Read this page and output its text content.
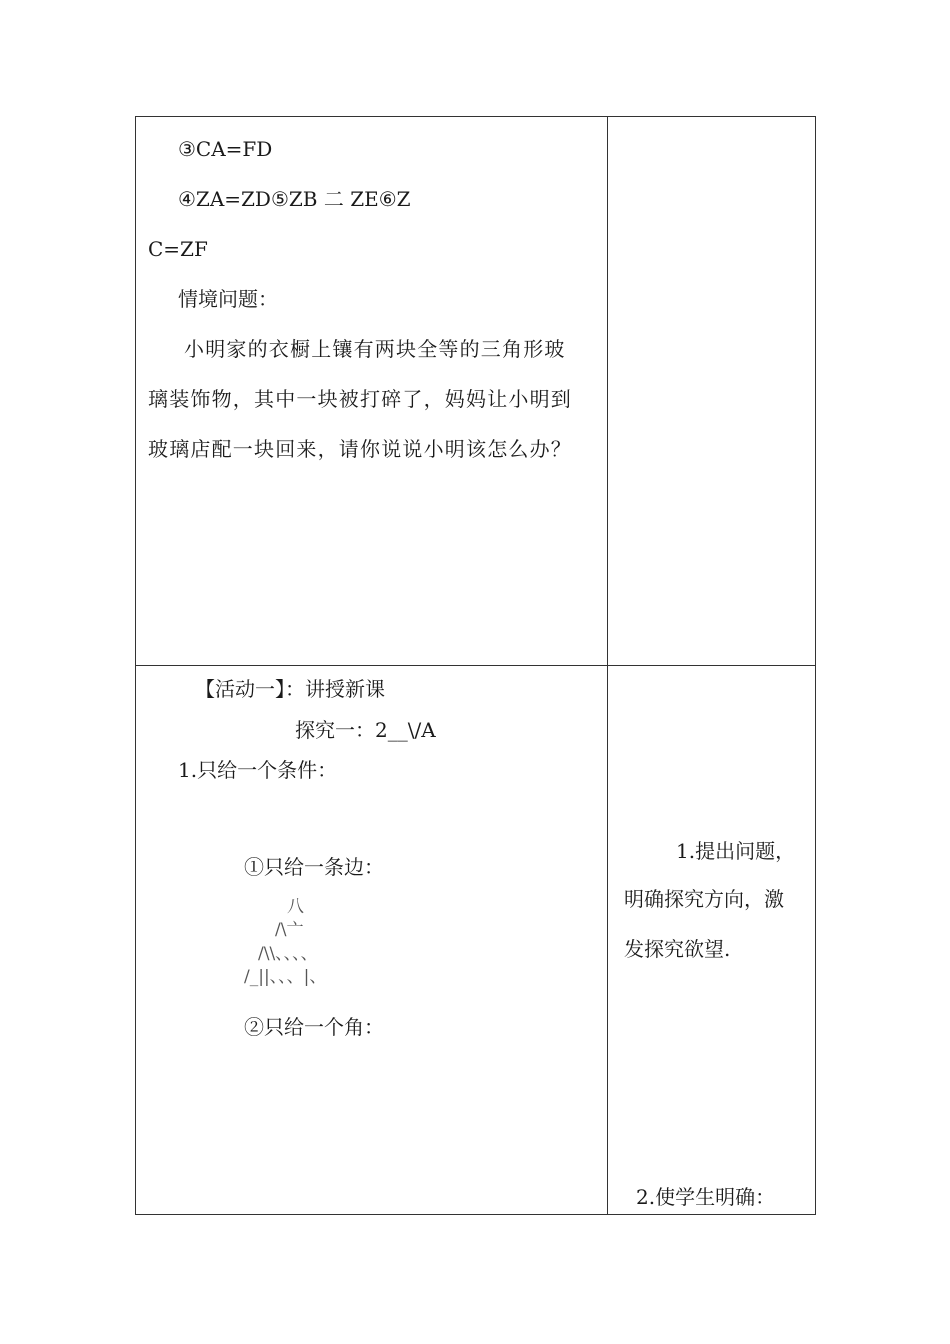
③CA=FD
④ZA=ZD⑤ZB 二 ZE⑥Z
C=ZF
情境问题：
小明家的衣橱上镶有两块全等的三角形玻
璃装饰物，其中一块被打碎了，妈妈让小明到
玻璃店配一块回来，请你说说小明该怎么办？
【活动一】：讲授新课
探究一：2__\/A
1.只给一个条件：
①只给一条边：
八
/\亠
/\\、、、、
/_||、、、|、
②只给一个角：
1.提出问题，
明确探究方向，激
发探究欲望.
2.使学生明确：
